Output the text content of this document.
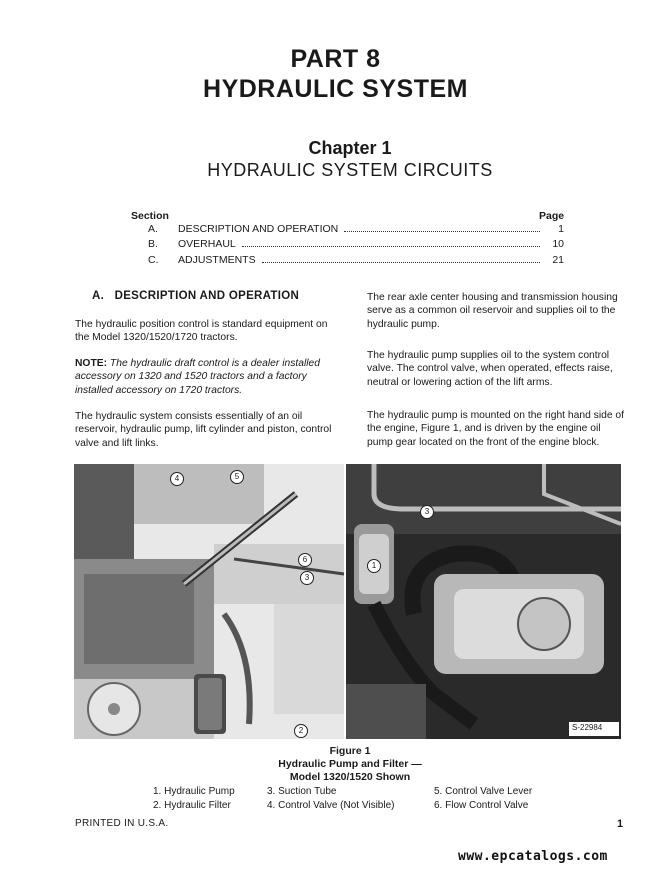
PART 8
HYDRAULIC SYSTEM
Chapter 1
HYDRAULIC SYSTEM CIRCUITS
Section	Page
A.	DESCRIPTION AND OPERATION	1
B.	OVERHAUL	10
C.	ADJUSTMENTS	21
A.   DESCRIPTION AND OPERATION
The hydraulic position control is standard equipment on the Model 1320/1520/1720 tractors.
NOTE: The hydraulic draft control is a dealer installed accessory on 1320 and 1520 tractors and a factory installed accessory on 1720 tractors.
The hydraulic system consists essentially of an oil reservoir, hydraulic pump, lift cylinder and piston, control valve and lift links.
The rear axle center housing and transmission housing serve as a common oil reservoir and supplies oil to the hydraulic pump.
The hydraulic pump supplies oil to the system control valve. The control valve, when operated, effects raise, neutral or lowering action of the lift arms.
The hydraulic pump is mounted on the right hand side of the engine, Figure 1, and is driven by the engine oil pump gear located on the front of the engine block.
S-22984
4	5
6
3
2
3
1
Figure 1
Hydraulic Pump and Filter —
Model 1320/1520 Shown
1. Hydraulic Pump
2. Hydraulic Filter
3. Suction Tube
4. Control Valve (Not Visible)
5. Control Valve Lever
6. Flow Control Valve
PRINTED IN U.S.A.	1
www.epcatalogs.com
